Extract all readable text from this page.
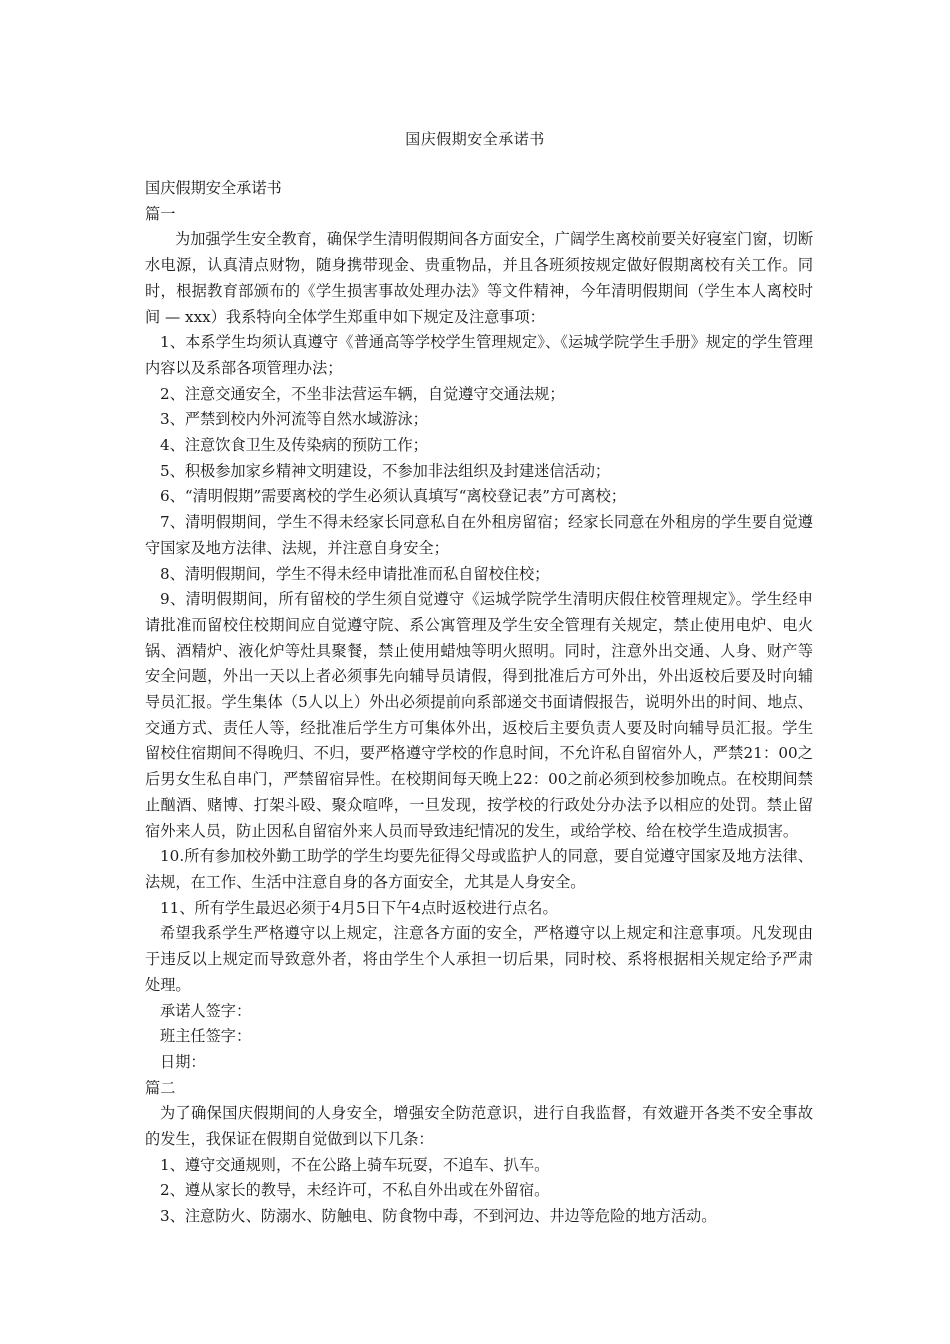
国庆假期安全承诺书

国庆假期安全承诺书

篇一

为加强学生安全教育，确保学生清明假期间各方面安全，广阔学生离校前要关好寝室门窗，切断水电源，认真清点财物，随身携带现金、贵重物品，并且各班须按规定做好假期离校有关工作。同时，根据教育部颁布的《学生损害事故处理办法》等文件精神，今年清明假期间（学生本人离校时间 — xxx）我系特向全体学生郑重申如下规定及注意事项：

1、本系学生均须认真遵守《普通高等学校学生管理规定》、《运城学院学生手册》规定的学生管理内容以及系部各项管理办法；

2、注意交通安全，不坐非法营运车辆，自觉遵守交通法规；

3、严禁到校内外河流等自然水域游泳；

4、注意饮食卫生及传染病的预防工作；

5、积极参加家乡精神文明建设，不参加非法组织及封建迷信活动；

6、“清明假期”需要离校的学生必须认真填写“离校登记表”方可离校；

7、清明假期间，学生不得未经家长同意私自在外租房留宿；经家长同意在外租房的学生要自觉遵守国家及地方法律、法规，并注意自身安全；

8、清明假期间，学生不得未经申请批准而私自留校住校；

9、清明假期间，所有留校的学生须自觉遵守《运城学院学生清明庆假住校管理规定》。学生经申请批准而留校住校期间应自觉遵守院、系公寓管理及学生安全管理有关规定，禁止使用电炉、电火锅、酒精炉、液化炉等灶具聚餐，禁止使用蜡烛等明火照明。同时，注意外出交通、人身、财产等安全问题，外出一天以上者必须事先向辅导员请假，得到批准后方可外出，外出返校后要及时向辅导员汇报。学生集体（5人以上）外出必须提前向系部递交书面请假报告，说明外出的时间、地点、交通方式、责任人等，经批准后学生方可集体外出，返校后主要负责人要及时向辅导员汇报。学生留校住宿期间不得晚归、不归，要严格遵守学校的作息时间，不允许私自留宿外人，严禁21：00之后男女生私自串门，严禁留宿异性。在校期间每天晚上22：00之前必须到校参加晚点。在校期间禁止酗酒、赌博、打架斗殴、聚众喧哗，一旦发现，按学校的行政处分办法予以相应的处罚。禁止留宿外来人员，防止因私自留宿外来人员而导致违纪情况的发生，或给学校、给在校学生造成损害。

10.所有参加校外勤工助学的学生均要先征得父母或监护人的同意，要自觉遵守国家及地方法律、法规，在工作、生活中注意自身的各方面安全，尤其是人身安全。

11、所有学生最迟必须于4月5日下午4点时返校进行点名。

希望我系学生严格遵守以上规定，注意各方面的安全，严格遵守以上规定和注意事项。凡发现由于违反以上规定而导致意外者，将由学生个人承担一切后果，同时校、系将根据相关规定给予严肃处理。

承诺人签字：

班主任签字：

日期：

篇二

为了确保国庆假期间的人身安全，增强安全防范意识，进行自我监督，有效避开各类不安全事故的发生，我保证在假期自觉做到以下几条：

1、遵守交通规则，不在公路上骑车玩耍，不追车、扒车。

2、遵从家长的教导，未经许可，不私自外出或在外留宿。

3、注意防火、防溺水、防触电、防食物中毒，不到河边、井边等危险的地方活动。
